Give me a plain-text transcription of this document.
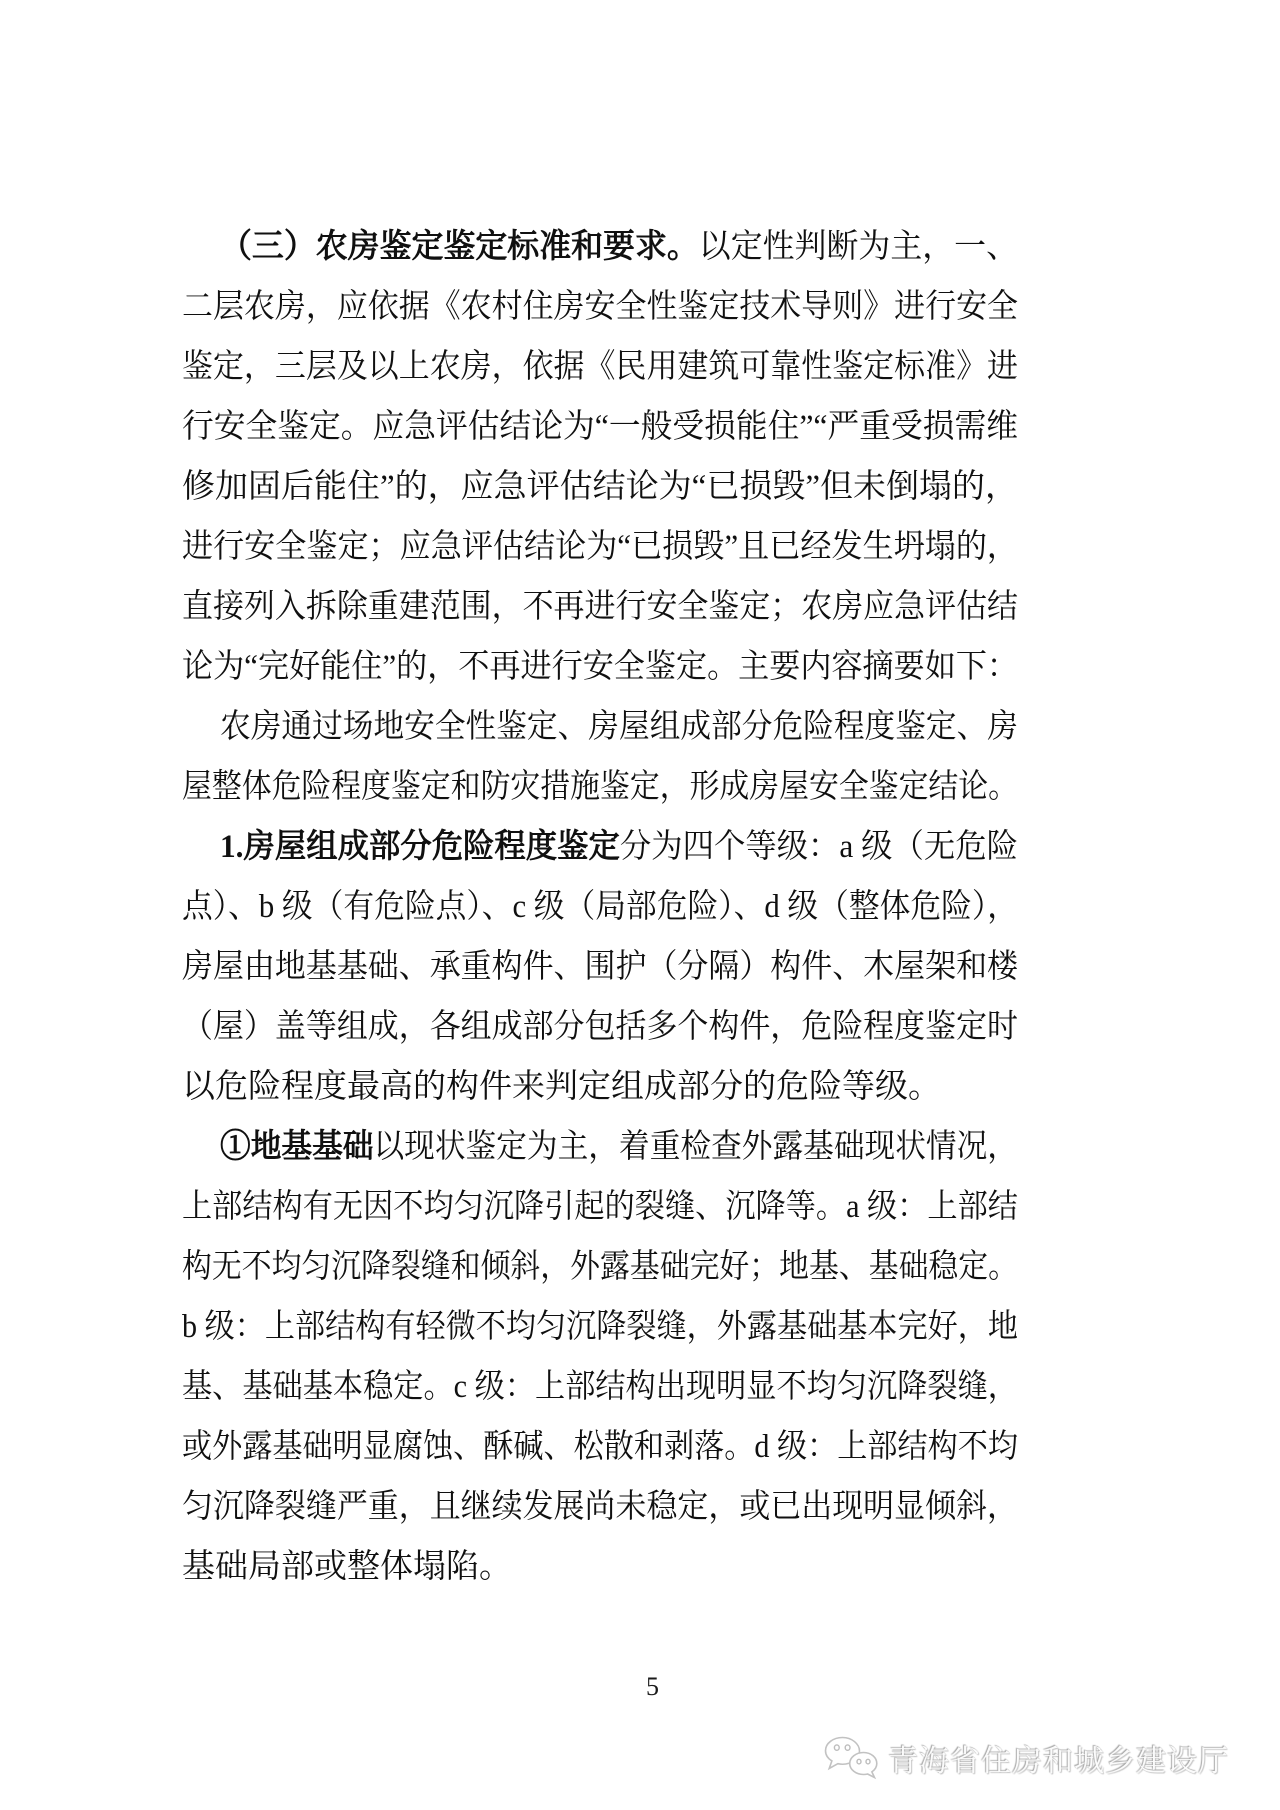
（三）农房鉴定鉴定标准和要求。以定性判断为主，一、
二层农房，应依据《农村住房安全性鉴定技术导则》进行安全
鉴定，三层及以上农房，依据《民用建筑可靠性鉴定标准》进
行安全鉴定。应急评估结论为“一般受损能住”“严重受损需维
修加固后能住”的，应急评估结论为“已损毁”但未倒塌的，
进行安全鉴定；应急评估结论为“已损毁”且已经发生坍塌的，
直接列入拆除重建范围，不再进行安全鉴定；农房应急评估结
论为“完好能住”的，不再进行安全鉴定。主要内容摘要如下：
农房通过场地安全性鉴定、房屋组成部分危险程度鉴定、房
屋整体危险程度鉴定和防灾措施鉴定，形成房屋安全鉴定结论。
1.房屋组成部分危险程度鉴定分为四个等级：a 级（无危险
点）、b 级（有危险点）、c 级（局部危险）、d 级（整体危险），
房屋由地基基础、承重构件、围护（分隔）构件、木屋架和楼
（屋）盖等组成，各组成部分包括多个构件，危险程度鉴定时
以危险程度最高的构件来判定组成部分的危险等级。
①地基基础以现状鉴定为主，着重检查外露基础现状情况，
上部结构有无因不均匀沉降引起的裂缝、沉降等。a 级：上部结
构无不均匀沉降裂缝和倾斜，外露基础完好；地基、基础稳定。
b 级：上部结构有轻微不均匀沉降裂缝，外露基础基本完好，地
基、基础基本稳定。c 级：上部结构出现明显不均匀沉降裂缝，
或外露基础明显腐蚀、酥碱、松散和剥落。d 级：上部结构不均
匀沉降裂缝严重，且继续发展尚未稳定，或已出现明显倾斜，
基础局部或整体塌陷。
5
青海省住房和城乡建设厅
